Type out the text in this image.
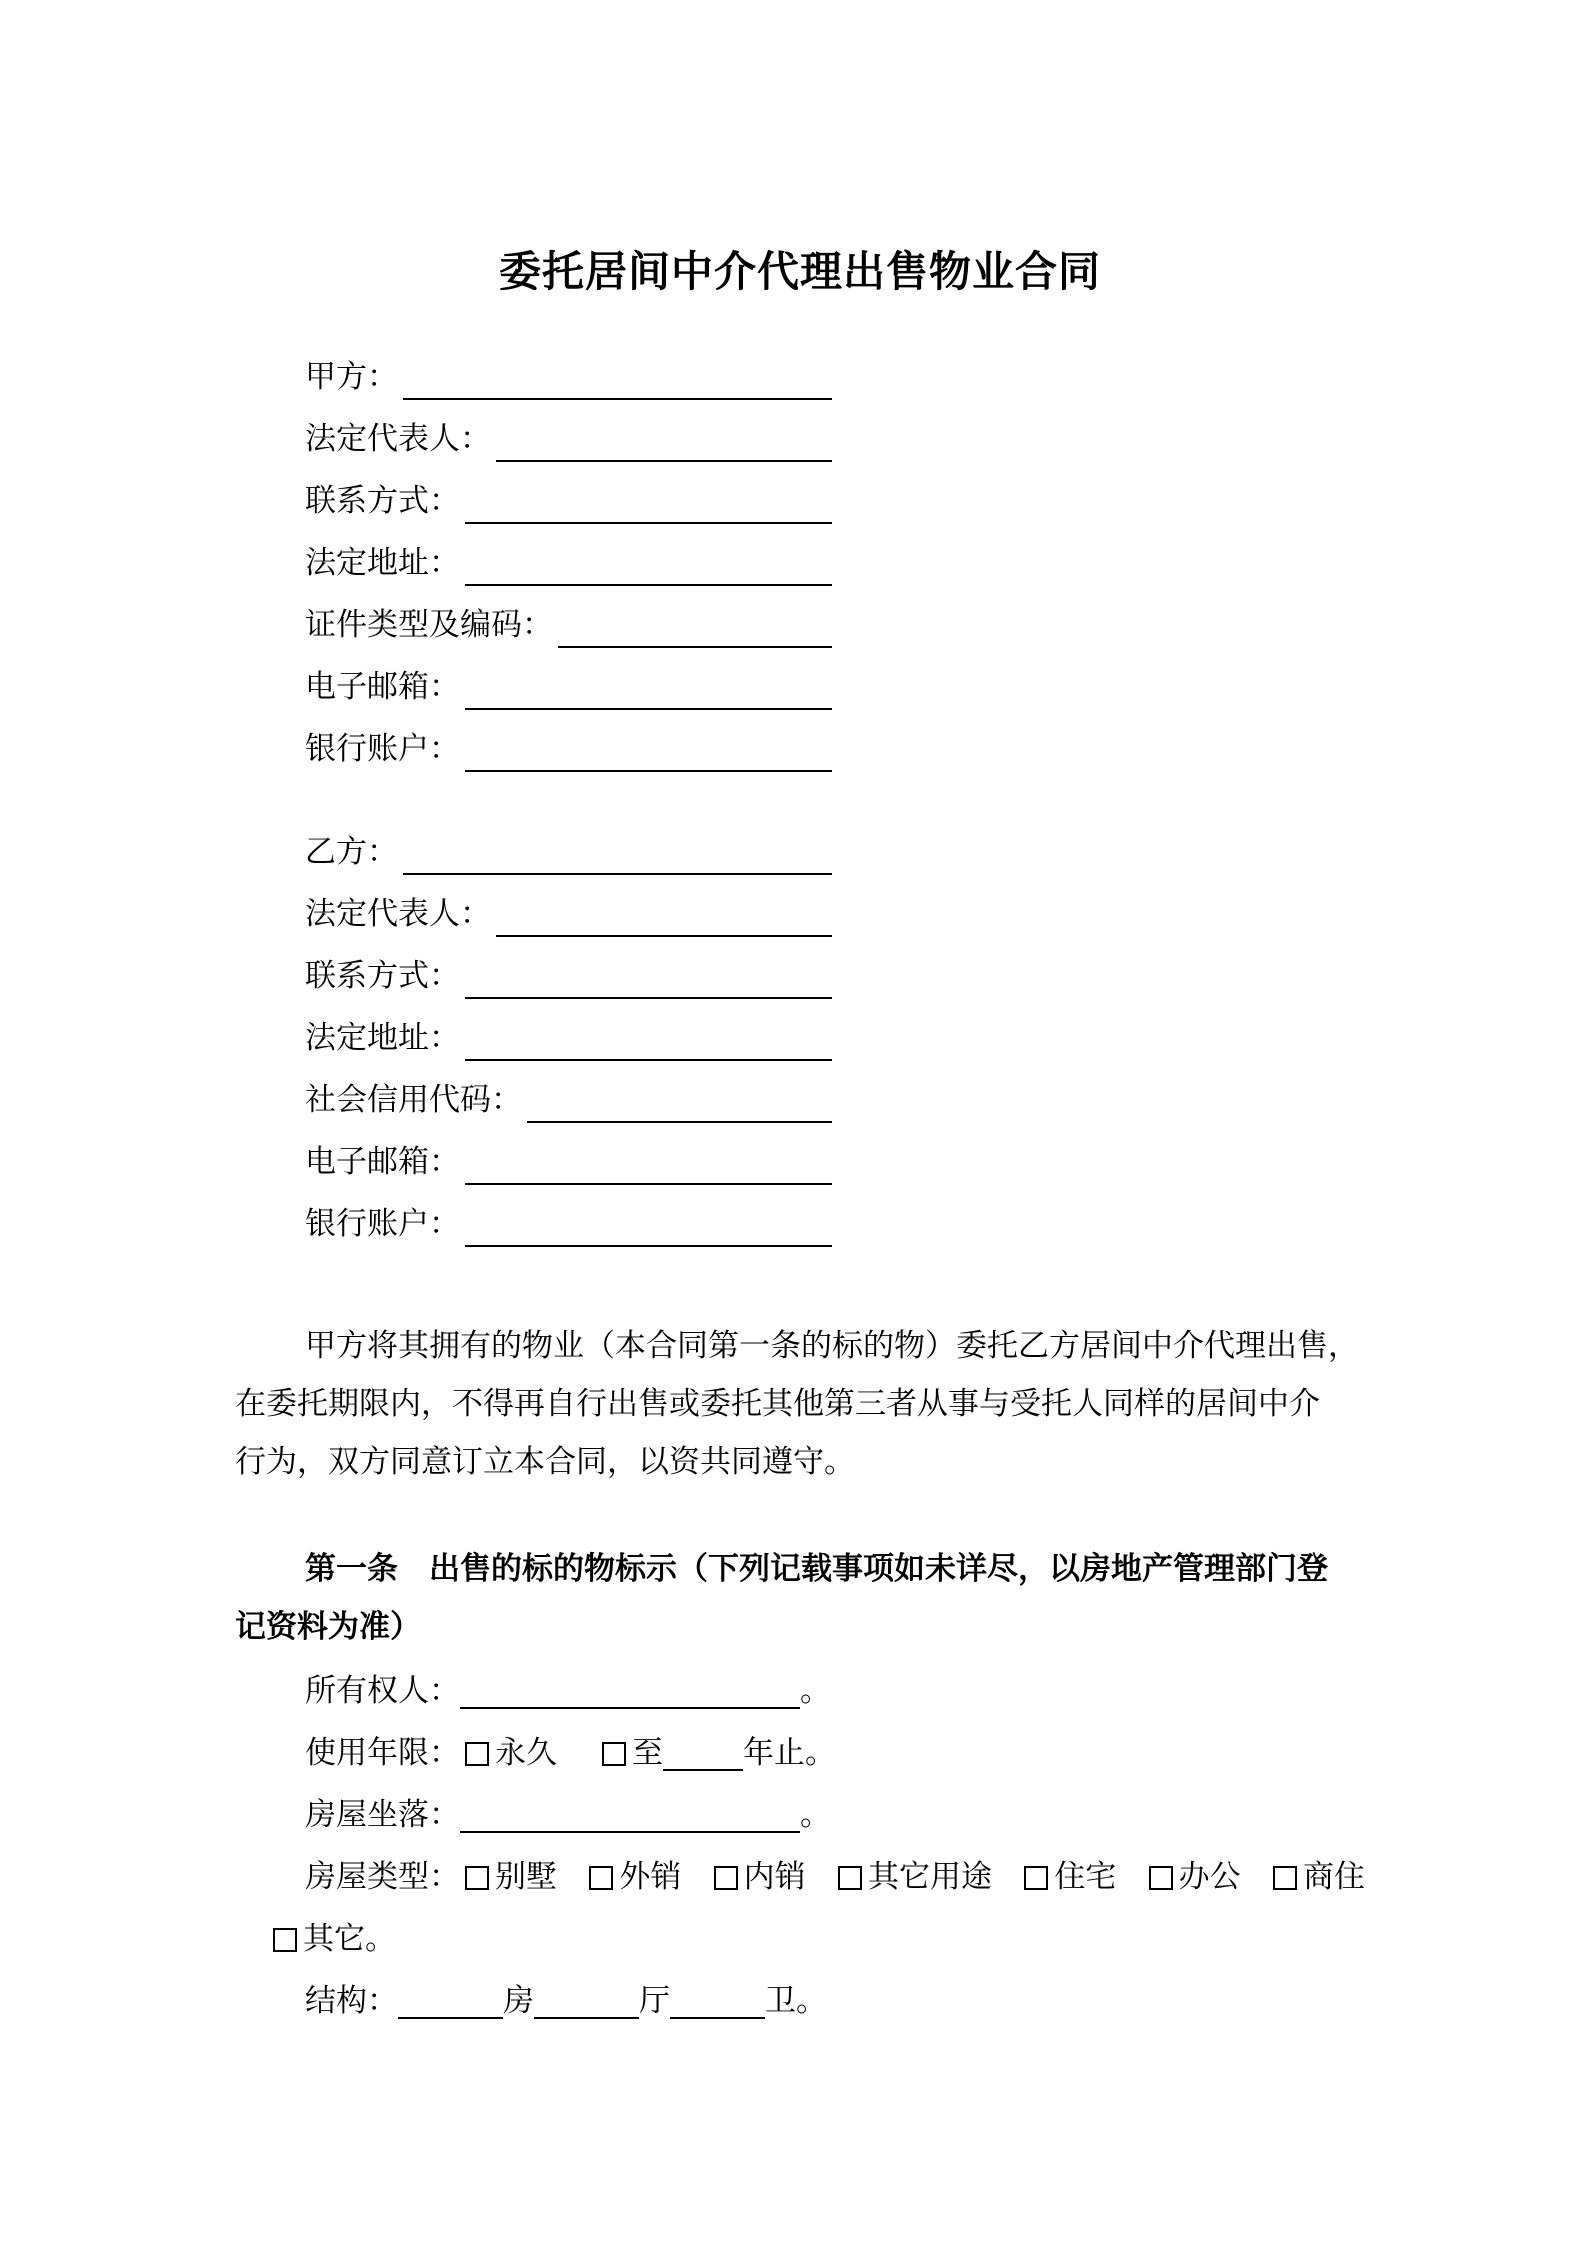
委托居间中介代理出售物业合同
甲方：
法定代表人：
联系方式：
法定地址：
证件类型及编码：
电子邮箱：
银行账户：
乙方：
法定代表人：
联系方式：
法定地址：
社会信用代码：
电子邮箱：
银行账户：
甲方将其拥有的物业（本合同第一条的标的物）委托乙方居间中介代理出售，
在委托期限内，不得再自行出售或委托其他第三者从事与受托人同样的居间中介
行为，双方同意订立本合同，以资共同遵守。
第一条　出售的标的物标示（下列记载事项如未详尽，以房地产管理部门登
记资料为准）
所有权人：	。
使用年限： 永久 至	年止。
房屋坐落：	。
房屋类型：	别墅	外销	内销	其它用途	住宅	办公	商住
其它。
结构：	房	厅	卫。
